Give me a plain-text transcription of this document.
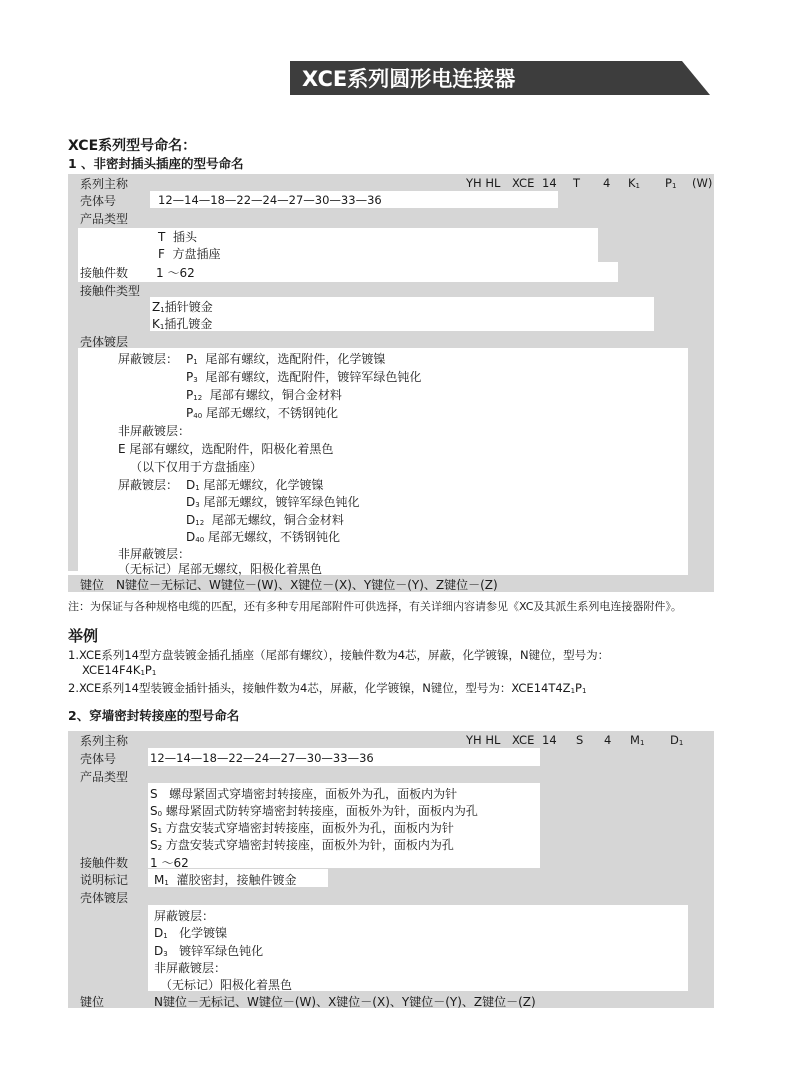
XCE系列圆形电连接器
XCE系列型号命名：
1 、非密封插头插座的型号命名
系列主称	YH HL XCE 14 T 4 $K_1$ $P_1$ (W)
壳体号	12—14—18—22—24—27—30—33—36
产品类型
T 插头
F 方盘插座
接触件数 1 ～62
接触件类型
$Z_1$插针镀金
$K_1$插孔镀金
壳体镀层
屏蔽镀层： $P_1$ 尾部有螺纹，选配附件，化学镀镍
$P_3$ 尾部有螺纹，选配附件，镀锌军绿色钝化
$P_{12}$ 尾部有螺纹，铜合金材料
$P_{40}$ 尾部无螺纹，不锈钢钝化
非屏蔽镀层：
E 尾部有螺纹，选配附件，阳极化着黑色
（以下仅用于方盘插座）
屏蔽镀层： $D_1$ 尾部无螺纹，化学镀镍
$D_3$ 尾部无螺纹，镀锌军绿色钝化
$D_{12}$ 尾部无螺纹，铜合金材料
$D_{40}$ 尾部无螺纹，不锈钢钝化
非屏蔽镀层：
（无标记）尾部无螺纹，阳极化着黑色
键位 N键位－无标记、W键位－(W)、X键位－(X)、Y键位－(Y)、Z键位－(Z)
注：为保证与各种规格电缆的匹配，还有多种专用尾部附件可供选择，有关详细内容请参见《XC及其派生系列电连接器附件》。
举例
1.XCE系列14型方盘装镀金插孔插座（尾部有螺纹），接触件数为4芯，屏蔽，化学镀镍，N键位，型号为：
$XCE14F4K_1P_1$
2.XCE系列14型装镀金插针插头，接触件数为4芯，屏蔽，化学镀镍，N键位，型号为：$XCE14T4Z_1P_1$
2、穿墙密封转接座的型号命名
系列主称	YH HL XCE 14 S 4 $M_1$ $D_1$
壳体号	12—14—18—22—24—27—30—33—36
产品类型
S 螺母紧固式穿墙密封转接座，面板外为孔，面板内为针
$S_0$ 螺母紧固式防转穿墙密封转接座，面板外为针，面板内为孔
$S_1$ 方盘安装式穿墙密封转接座，面板外为孔，面板内为针
$S_2$ 方盘安装式穿墙密封转接座，面板外为针，面板内为孔
接触件数 1 ～62
说明标记 $M_1$ 灌胶密封，接触件镀金
壳体镀层
屏蔽镀层：
$D_1$ 化学镀镍
$D_3$ 镀锌军绿色钝化
非屏蔽镀层：
（无标记）阳极化着黑色
键位	N键位－无标记、W键位－(W)、X键位－(X)、Y键位－(Y)、Z键位－(Z)
